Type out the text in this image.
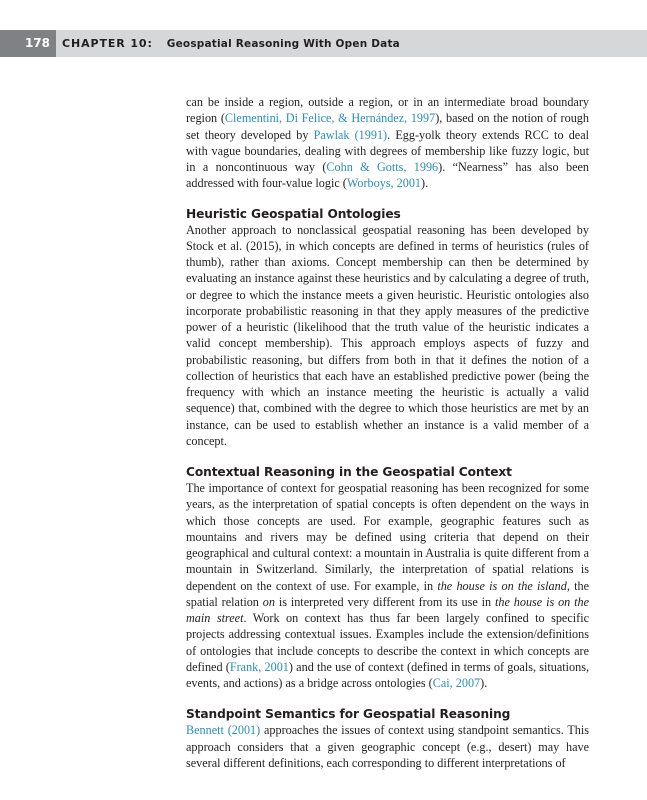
178	CHAPTER 10: Geospatial Reasoning With Open Data

can be inside a region, outside a region, or in an intermediate broad boundary region (Clementini, Di Felice, & Hernández, 1997), based on the notion of rough set theory developed by Pawlak (1991). Egg-yolk theory extends RCC to deal with vague boundaries, dealing with degrees of membership like fuzzy logic, but in a noncontinuous way (Cohn & Gotts, 1996). “Nearness” has also been addressed with four-value logic (Worboys, 2001).

Heuristic Geospatial Ontologies

Another approach to nonclassical geospatial reasoning has been developed by Stock et al. (2015), in which concepts are defined in terms of heuristics (rules of thumb), rather than axioms. Concept membership can then be determined by evaluating an instance against these heuristics and by calculating a degree of truth, or degree to which the instance meets a given heuristic. Heuristic ontologies also incorporate probabilistic reasoning in that they apply measures of the predictive power of a heuristic (likelihood that the truth value of the heuristic indicates a valid concept membership). This approach employs aspects of fuzzy and probabilistic reasoning, but differs from both in that it defines the notion of a collection of heuristics that each have an established predictive power (being the frequency with which an instance meeting the heuristic is actually a valid sequence) that, combined with the degree to which those heuristics are met by an instance, can be used to establish whether an instance is a valid member of a concept.

Contextual Reasoning in the Geospatial Context

The importance of context for geospatial reasoning has been recognized for some years, as the interpretation of spatial concepts is often dependent on the ways in which those concepts are used. For example, geographic features such as mountains and rivers may be defined using criteria that depend on their geographical and cultural context: a mountain in Australia is quite different from a mountain in Switzerland. Similarly, the interpretation of spatial relations is dependent on the context of use. For example, in the house is on the island, the spatial relation on is interpreted very different from its use in the house is on the main street. Work on context has thus far been largely confined to specific projects addressing contextual issues. Examples include the extension/definitions of ontologies that include concepts to describe the context in which concepts are defined (Frank, 2001) and the use of context (defined in terms of goals, situations, events, and actions) as a bridge across ontologies (Cai, 2007).

Standpoint Semantics for Geospatial Reasoning

Bennett (2001) approaches the issues of context using standpoint semantics. This approach considers that a given geographic concept (e.g., desert) may have several different definitions, each corresponding to different interpretations of
